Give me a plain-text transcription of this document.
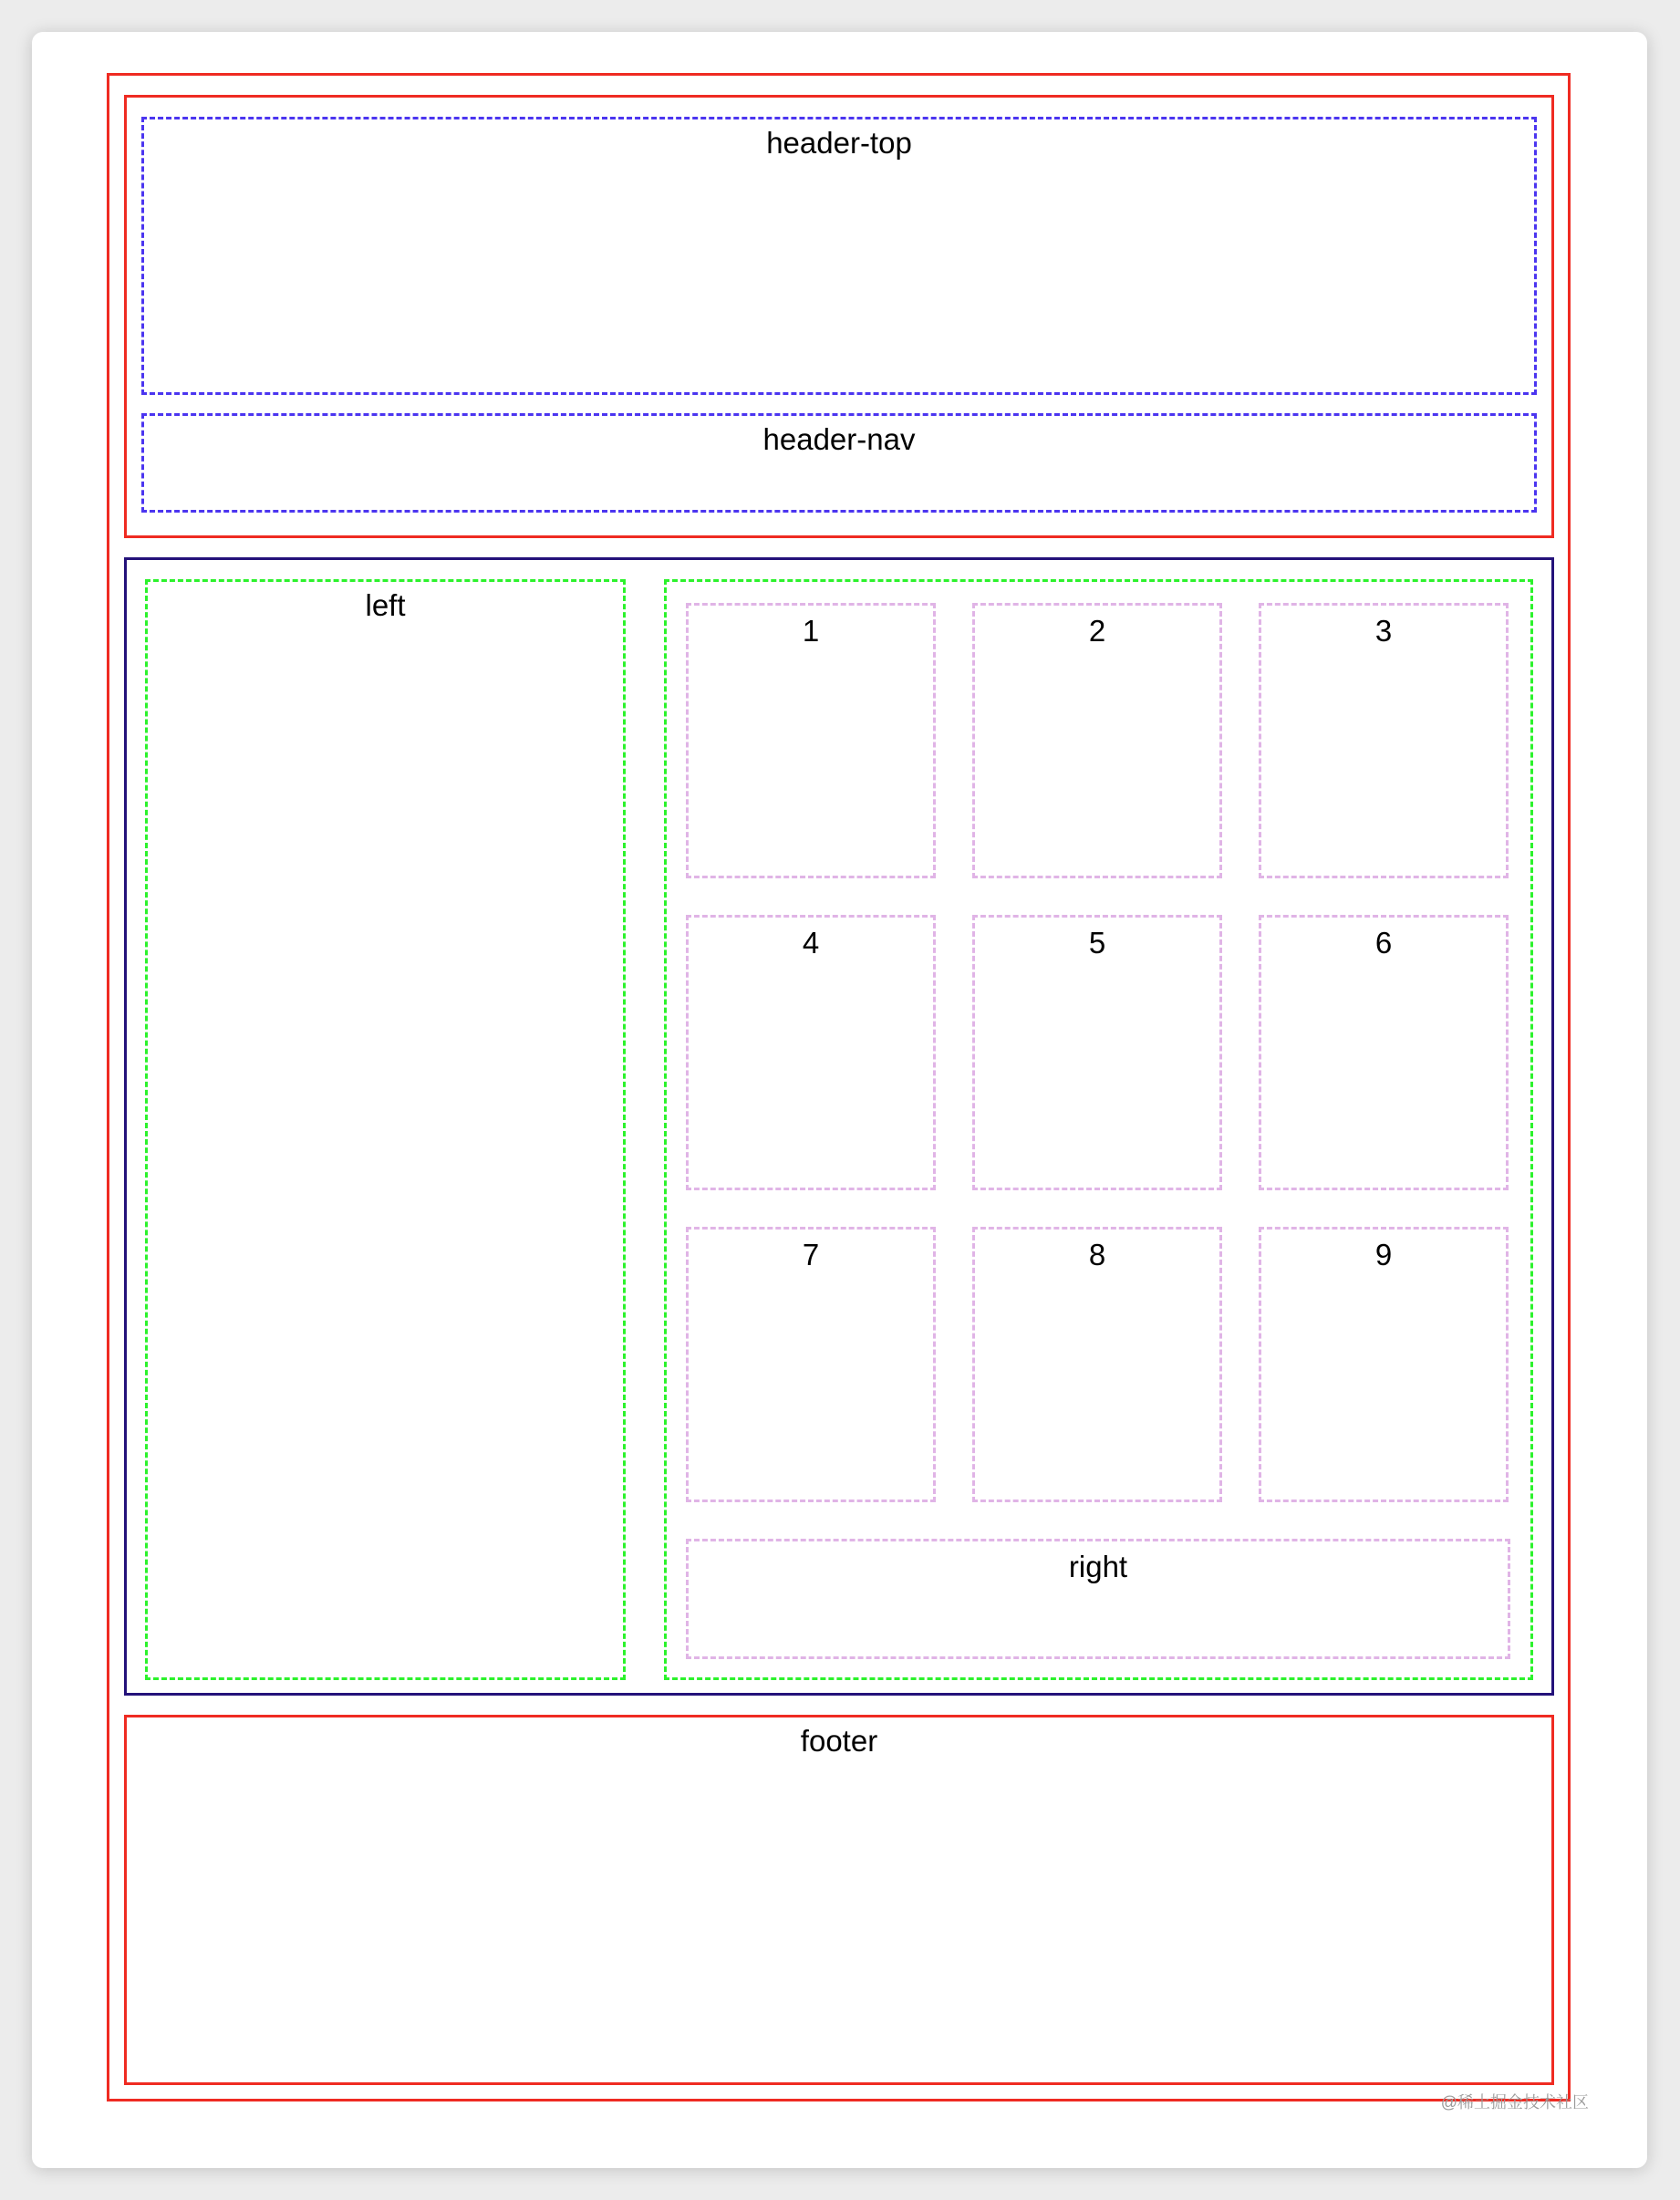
header-top
header-nav
left
1	2	3
4	5	6
7	8	9
right
footer
@稀土掘金技术社区
